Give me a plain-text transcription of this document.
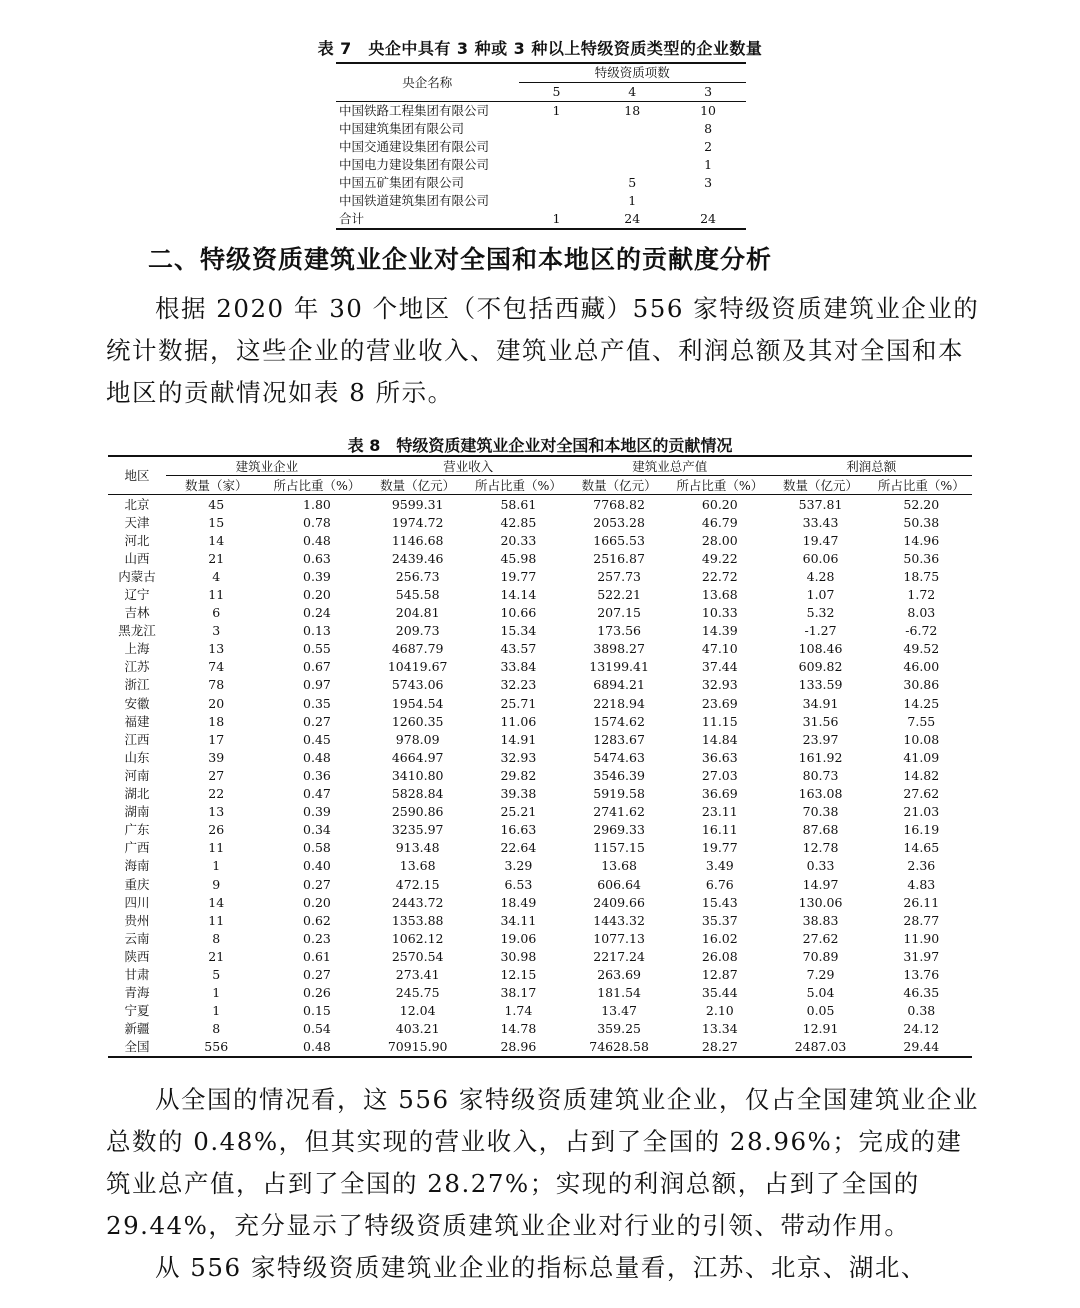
表 7　央企中具有 3 种或 3 种以上特级资质类型的企业数量
央企名称	特级资质项数		
	5	4	3
中国铁路工程集团有限公司	1	18	10
中国建筑集团有限公司			8
中国交通建设集团有限公司			2
中国电力建设集团有限公司			1
中国五矿集团有限公司		5	3
中国铁道建筑集团有限公司		1	
合计	1	24	24
二、特级资质建筑业企业对全国和本地区的贡献度分析

根据 2020 年 30 个地区（不包括西藏）556 家特级资质建筑业企业的统计数据，这些企业的营业收入、建筑业总产值、利润总额及其对全国和本地区的贡献情况如表 8 所示。

表 8　特级资质建筑业企业对全国和本地区的贡献情况
地区	建筑业企业		营业收入		建筑业总产值		利润总额	
	数量（家）	所占比重（%）	数量（亿元）	所占比重（%）	数量（亿元）	所占比重（%）	数量（亿元）	所占比重（%）
北京	45	1.80	9599.31	58.61	7768.82	60.20	537.81	52.20
天津	15	0.78	1974.72	42.85	2053.28	46.79	33.43	50.38
河北	14	0.48	1146.68	20.33	1665.53	28.00	19.47	14.96
山西	21	0.63	2439.46	45.98	2516.87	49.22	60.06	50.36
内蒙古	4	0.39	256.73	19.77	257.73	22.72	4.28	18.75
辽宁	11	0.20	545.58	14.14	522.21	13.68	1.07	1.72
吉林	6	0.24	204.81	10.66	207.15	10.33	5.32	8.03
黑龙江	3	0.13	209.73	15.34	173.56	14.39	-1.27	-6.72
上海	13	0.55	4687.79	43.57	3898.27	47.10	108.46	49.52
江苏	74	0.67	10419.67	33.84	13199.41	37.44	609.82	46.00
浙江	78	0.97	5743.06	32.23	6894.21	32.93	133.59	30.86
安徽	20	0.35	1954.54	25.71	2218.94	23.69	34.91	14.25
福建	18	0.27	1260.35	11.06	1574.62	11.15	31.56	7.55
江西	17	0.45	978.09	14.91	1283.67	14.84	23.97	10.08
山东	39	0.48	4664.97	32.93	5474.63	36.63	161.92	41.09
河南	27	0.36	3410.80	29.82	3546.39	27.03	80.73	14.82
湖北	22	0.47	5828.84	39.38	5919.58	36.69	163.08	27.62
湖南	13	0.39	2590.86	25.21	2741.62	23.11	70.38	21.03
广东	26	0.34	3235.97	16.63	2969.33	16.11	87.68	16.19
广西	11	0.58	913.48	22.64	1157.15	19.77	12.78	14.65
海南	1	0.40	13.68	3.29	13.68	3.49	0.33	2.36
重庆	9	0.27	472.15	6.53	606.64	6.76	14.97	4.83
四川	14	0.20	2443.72	18.49	2409.66	15.43	130.06	26.11
贵州	11	0.62	1353.88	34.11	1443.32	35.37	38.83	28.77
云南	8	0.23	1062.12	19.06	1077.13	16.02	27.62	11.90
陕西	21	0.61	2570.54	30.98	2217.24	26.08	70.89	31.97
甘肃	5	0.27	273.41	12.15	263.69	12.87	7.29	13.76
青海	1	0.26	245.75	38.17	181.54	35.44	5.04	46.35
宁夏	1	0.15	12.04	1.74	13.47	2.10	0.05	0.38
新疆	8	0.54	403.21	14.78	359.25	13.34	12.91	24.12
全国	556	0.48	70915.90	28.96	74628.58	28.27	2487.03	29.44

从全国的情况看，这 556 家特级资质建筑业企业，仅占全国建筑业企业总数的 0.48%，但其实现的营业收入，占到了全国的 28.96%；完成的建筑业总产值，占到了全国的 28.27%；实现的利润总额，占到了全国的 29.44%，充分显示了特级资质建筑业企业对行业的引领、带动作用。

从 556 家特级资质建筑业企业的指标总量看，江苏、北京、湖北、
